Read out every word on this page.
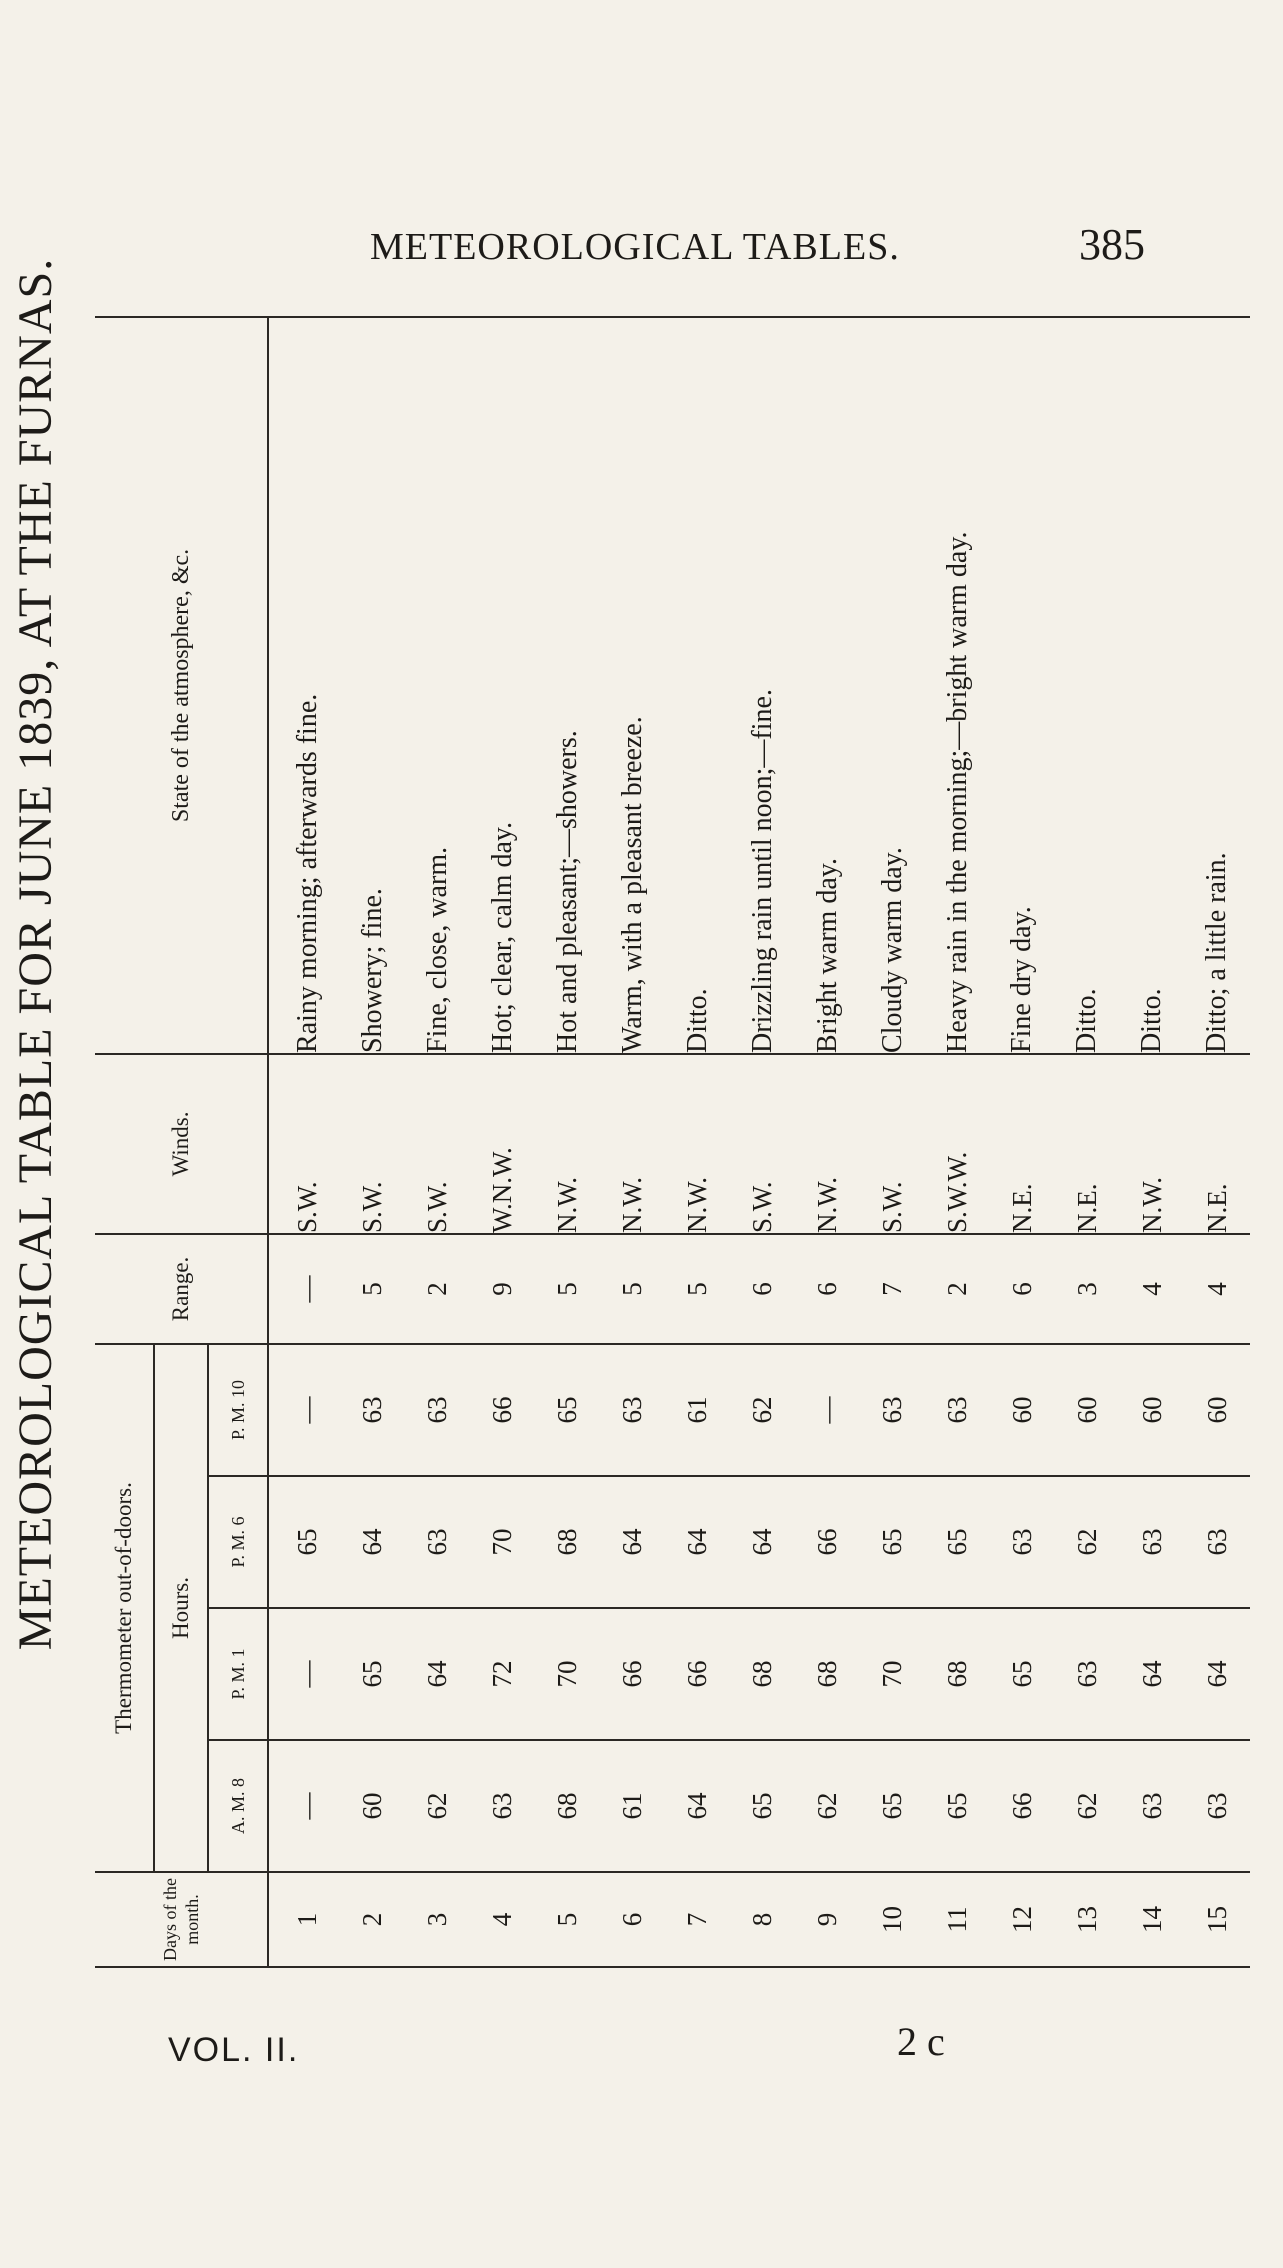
METEOROLOGICAL TABLE FOR JUNE 1839, AT THE FURNAS.
METEOROLOGICAL TABLES.	385
Days of the month.	Thermometer out-of-doors.				Range.	Winds.	State of the atmosphere, &c.
	Hours.						
	A. M. 8	P. M. 1	P. M. 6	P. M. 10			
1	—	—	65	—	—	S.W.	Rainy morning; afterwards fine.
2	60	65	64	63	5	S.W.	Showery; fine.
3	62	64	63	63	2	S.W.	Fine, close, warm.
4	63	72	70	66	9	W.N.W.	Hot; clear, calm day.
5	68	70	68	65	5	N.W.	Hot and pleasant;—showers.
6	61	66	64	63	5	N.W.	Warm, with a pleasant breeze.
7	64	66	64	61	5	N.W.	Ditto.
8	65	68	64	62	6	S.W.	Drizzling rain until noon;—fine.
9	62	68	66	—	6	N.W.	Bright warm day.
10	65	70	65	63	7	S.W.	Cloudy warm day.
11	65	68	65	63	2	S.W.W.	Heavy rain in the morning;—bright warm day.
12	66	65	63	60	6	N.E.	Fine dry day.
13	62	63	62	60	3	N.E.	Ditto.
14	63	64	63	60	4	N.W.	Ditto.
15	63	64	63	60	4	N.E.	Ditto; a little rain.
VOL. II.	2 c
